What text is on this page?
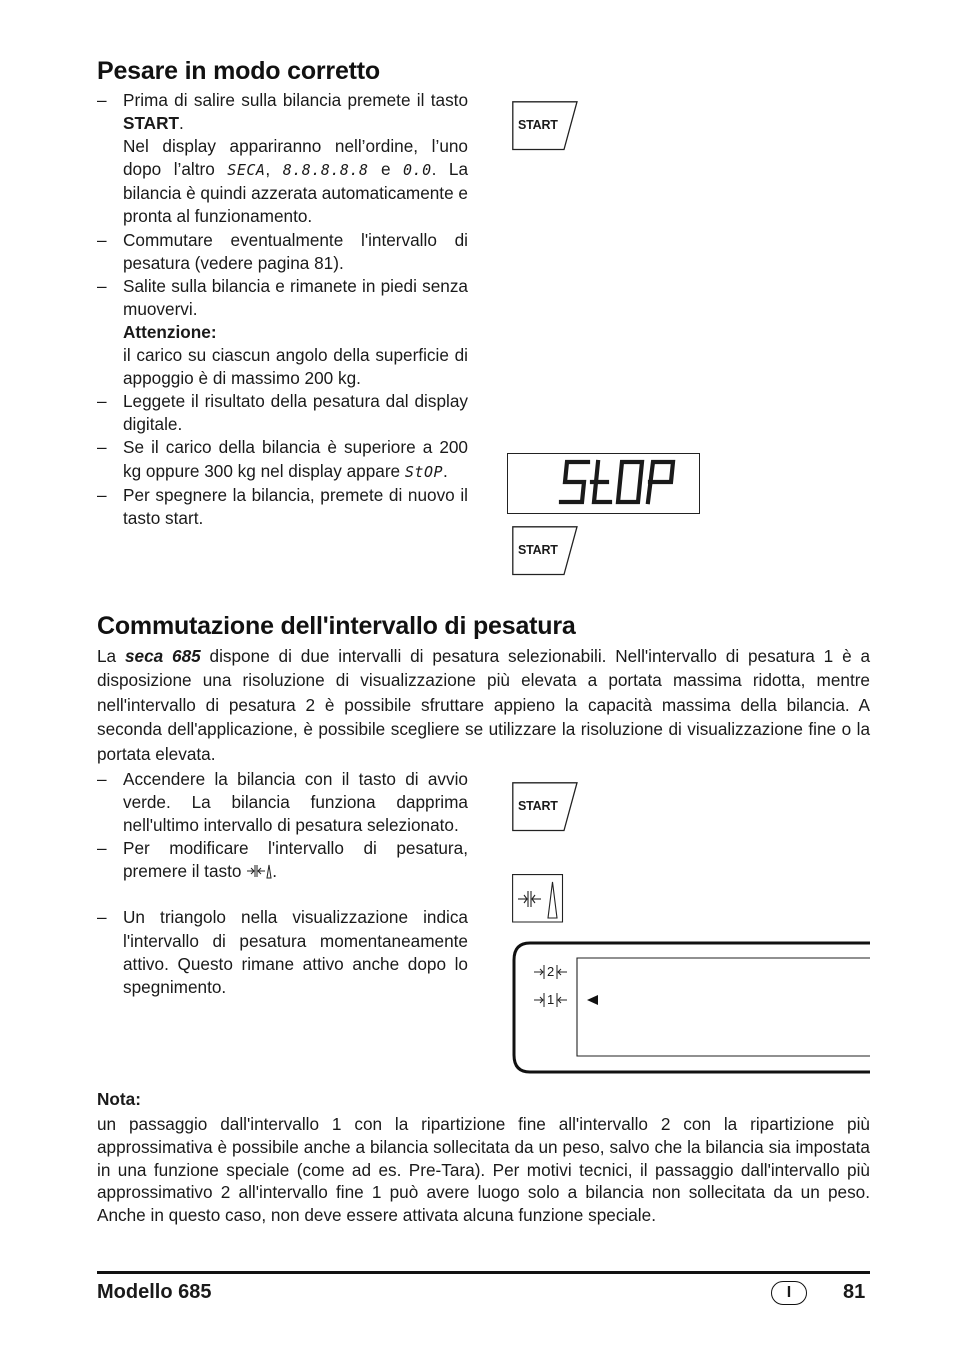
Pesare in modo corretto

– Prima di salire sulla bilancia premete il tasto START.

Nel display appariranno nell’ordine, l’uno dopo l’altro SECA, 8.8.8.8.8 e 0.0. La bilancia è quindi azzerata automaticamente e pronta al funzionamento.

– Commutare eventualmente l'intervallo di pesatura (vedere pagina 81).

– Salite sulla bilancia e rimanete in piedi senza muovervi.

Attenzione:

il carico su ciascun angolo della superficie di appoggio è di massimo 200 kg.

– Leggete il risultato della pesatura dal display digitale.

– Se il carico della bilancia è superiore a 200 kg oppure 300 kg nel display appare StOP.

– Per spegnere la bilancia, premete di nuovo il tasto start.

START
START
Commutazione dell'intervallo di pesatura

La seca 685 dispone di due intervalli di pesatura selezionabili. Nell'intervallo di pesatura 1 è a disposizione una risoluzione di visualizzazione più elevata a portata massima ridotta, mentre nell'intervallo di pesatura 2 è possibile sfruttare appieno la capacità massima della bilancia. A seconda dell'applicazione, è possibile scegliere se utilizzare la risoluzione di visualizzazione fine o la portata elevata.

– Accendere la bilancia con il tasto di avvio verde. La bilancia funziona dapprima nell'ultimo intervallo di pesatura selezionato.

– Per modificare l'intervallo di pesatura, premere il tasto .

– Un triangolo nella visualizzazione indica l'intervallo di pesatura momentaneamente attivo. Questo rimane attivo anche dopo lo spegnimento.

START
2
1

Nota:

un passaggio dall'intervallo 1 con la ripartizione fine all'intervallo 2 con la ripartizione più approssimativa è possibile anche a bilancia sollecitata da un peso, salvo che la bilancia sia impostata in una funzione speciale (come ad es. Pre-Tara). Per motivi tecnici, il passaggio dall'intervallo più approssimativo 2 all'intervallo fine 1 può avere luogo solo a bilancia non sollecitata da un peso. Anche in questo caso, non deve essere attivata alcuna funzione speciale.

Modello 685	I	81
